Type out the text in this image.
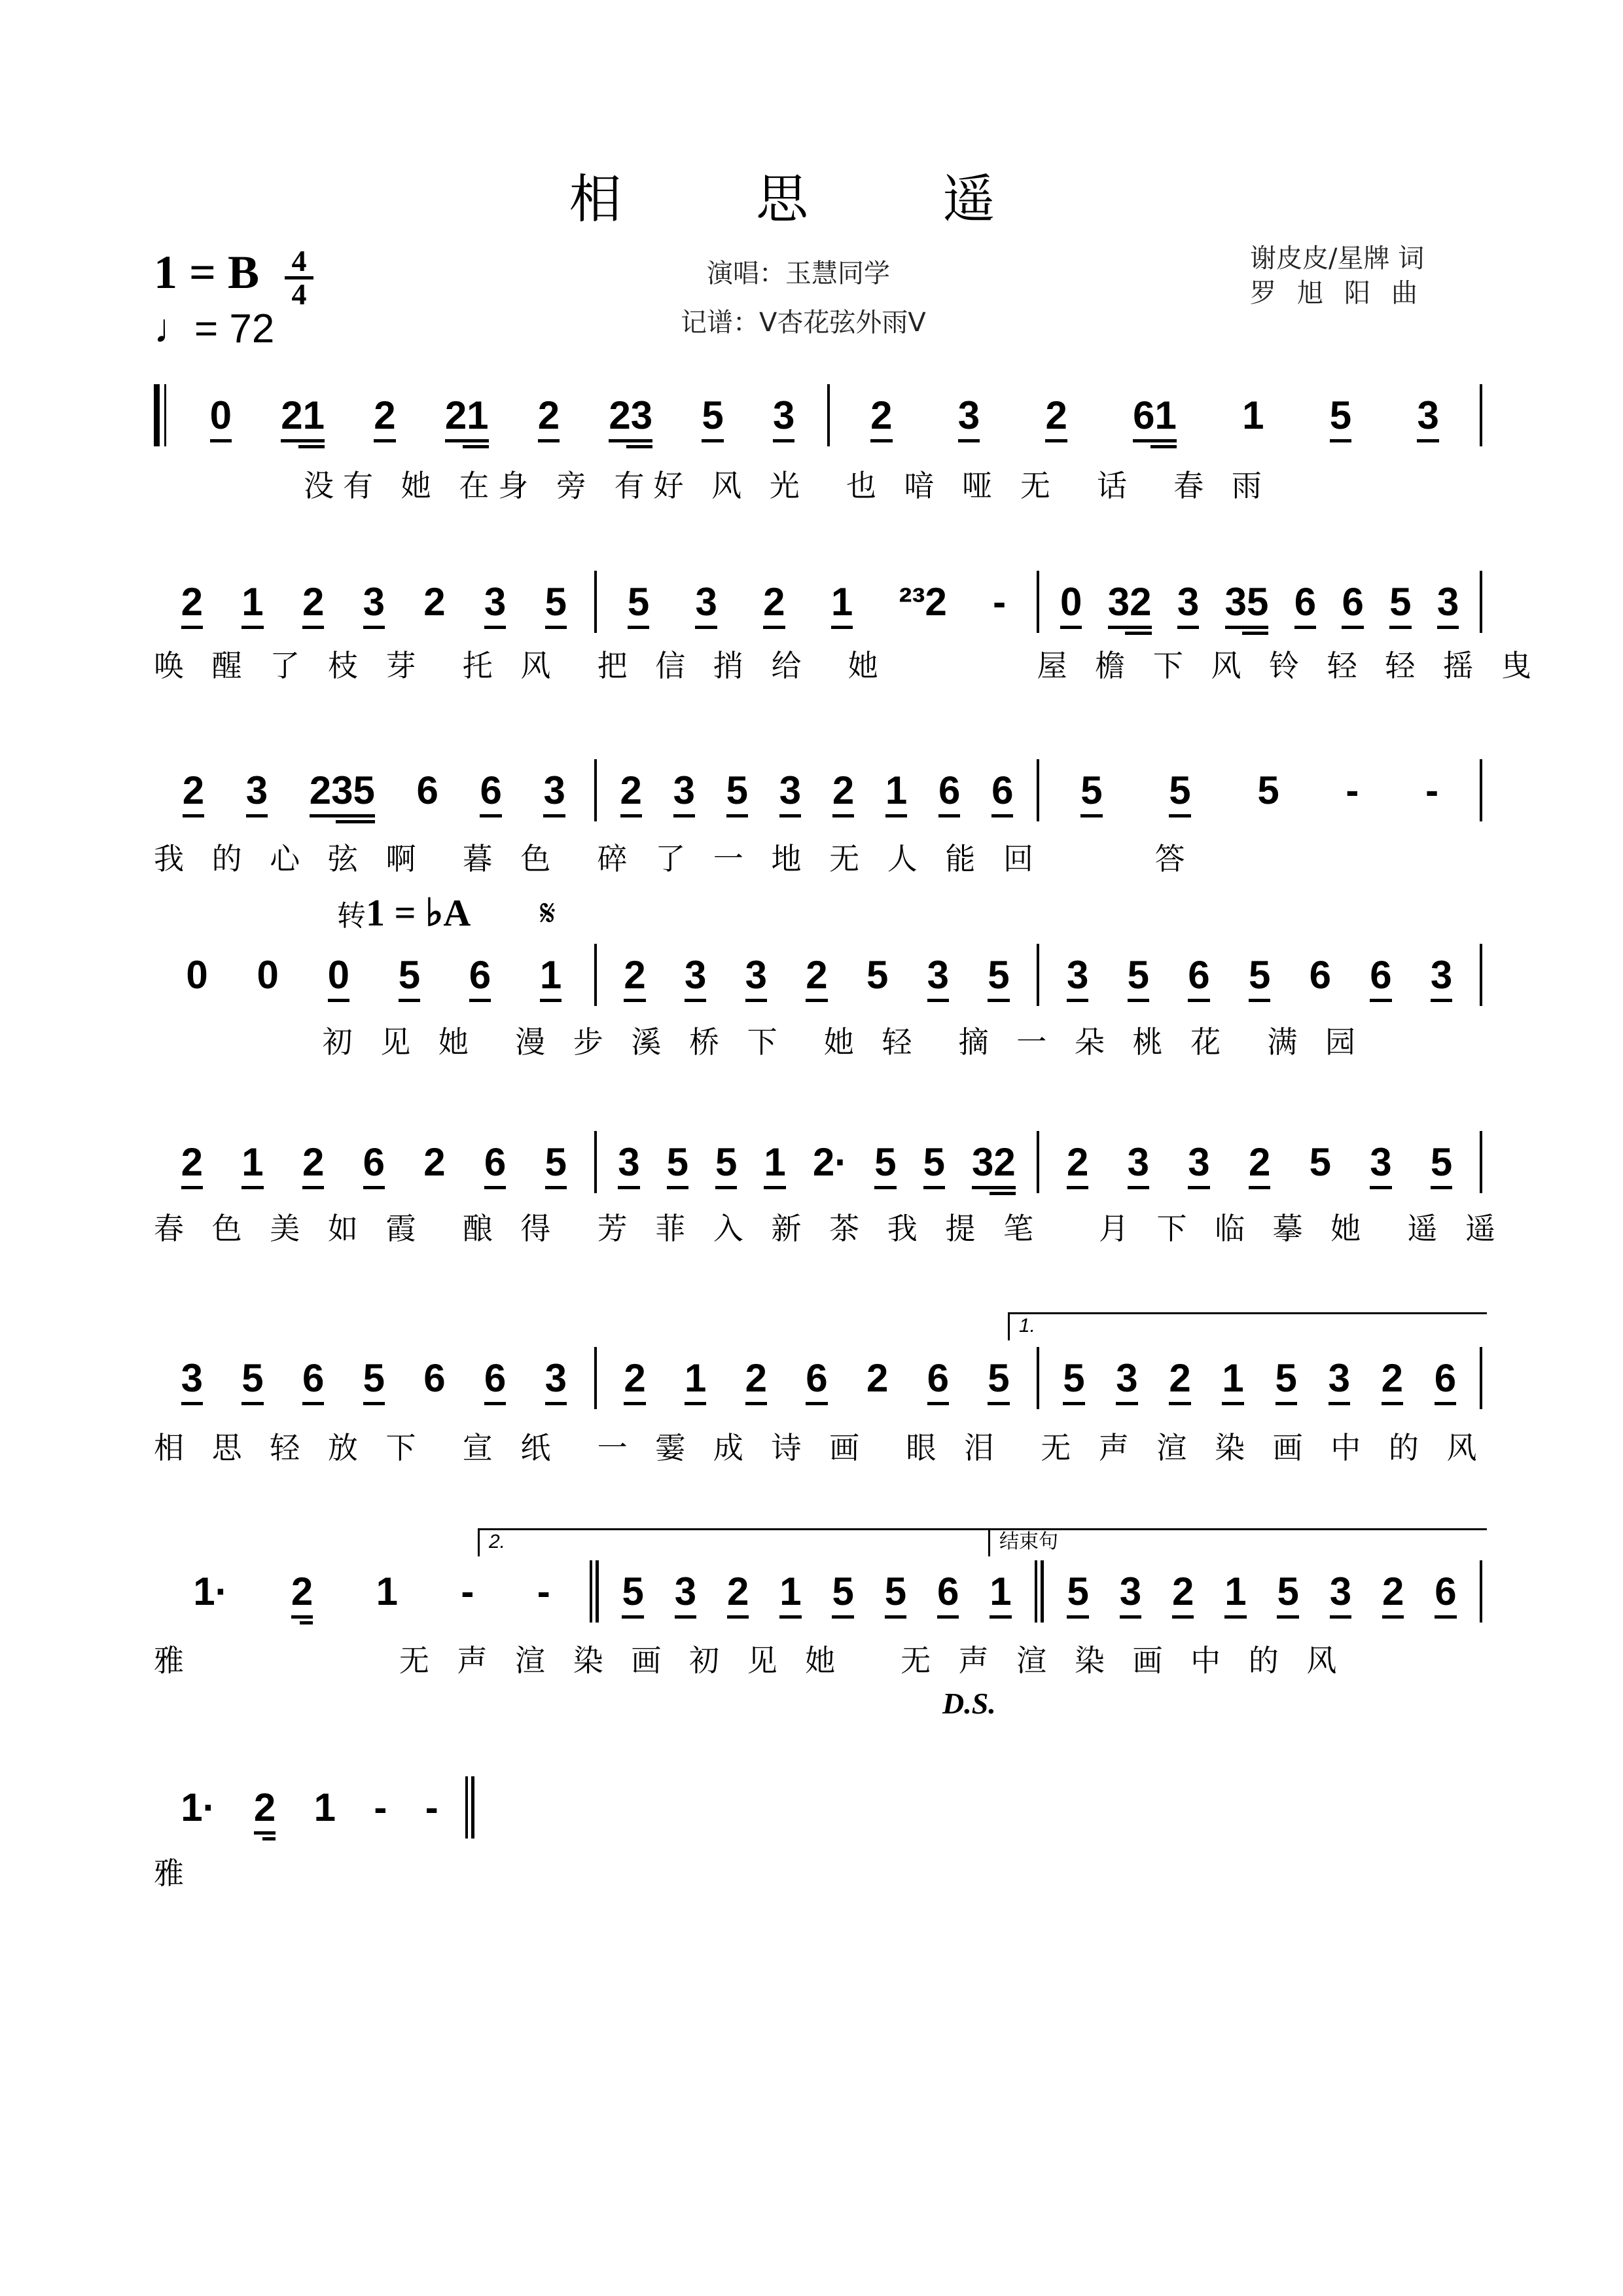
相 思 遥
1 = B 4
4
♩= 72
演唱：玉慧同学
记谱：V杏花弦外雨V
谢皮皮/星牌 词
罗旭阳曲
转1 = ♭A 𝄋
1.
2.	结束句
D.S.
0 21 2 21 2 23 5 3 2 3 2 61 1 5 3
没有 她 在身 旁 有好 风 光  也 喑 哑 无  话  春 雨
2 1 2 3 2 3 5 5 3 2 1 ²³2 - 0 32 3 35 6 6 5 3
唤 醒 了 枝 芽  托 风  把 信 捎 给  她        屋 檐 下 风 铃 轻 轻 摇 曳
2 3 235 6 6 3 2 3 5 3 2 1 6 6 5 5 5 - -
我 的 心 弦 啊  暮 色  碎 了 一 地 无 人 能 回      答
0 0 0 5 6 1 2 3 3 2 5 3 5 3 5 6 5 6 6 3
初 见 她  漫 步 溪 桥 下  她 轻  摘 一 朵 桃 花  满 园
2 1 2 6 2 6 5 3 5 5 1 2· 5 5 32 2 3 3 2 5 3 5
春 色 美 如 霞  酿 得  芳 菲 入 新 茶 我 提 笔   月 下 临 摹 她  遥 遥
3 5 6 5 6 6 3 2 1 2 6 2 6 5 5 3 2 1 5 3 2 6
相 思 轻 放 下  宣 纸  一 霎 成 诗 画  眼 泪  无 声 渲 染 画 中 的 风
1· 2 1 - - 5 3 2 1 5 5 6 1 5 3 2 1 5 3 2 6
雅           无 声 渲 染 画 初 见 她   无 声 渲 染 画 中 的 风
1· 2 1 - -
雅
